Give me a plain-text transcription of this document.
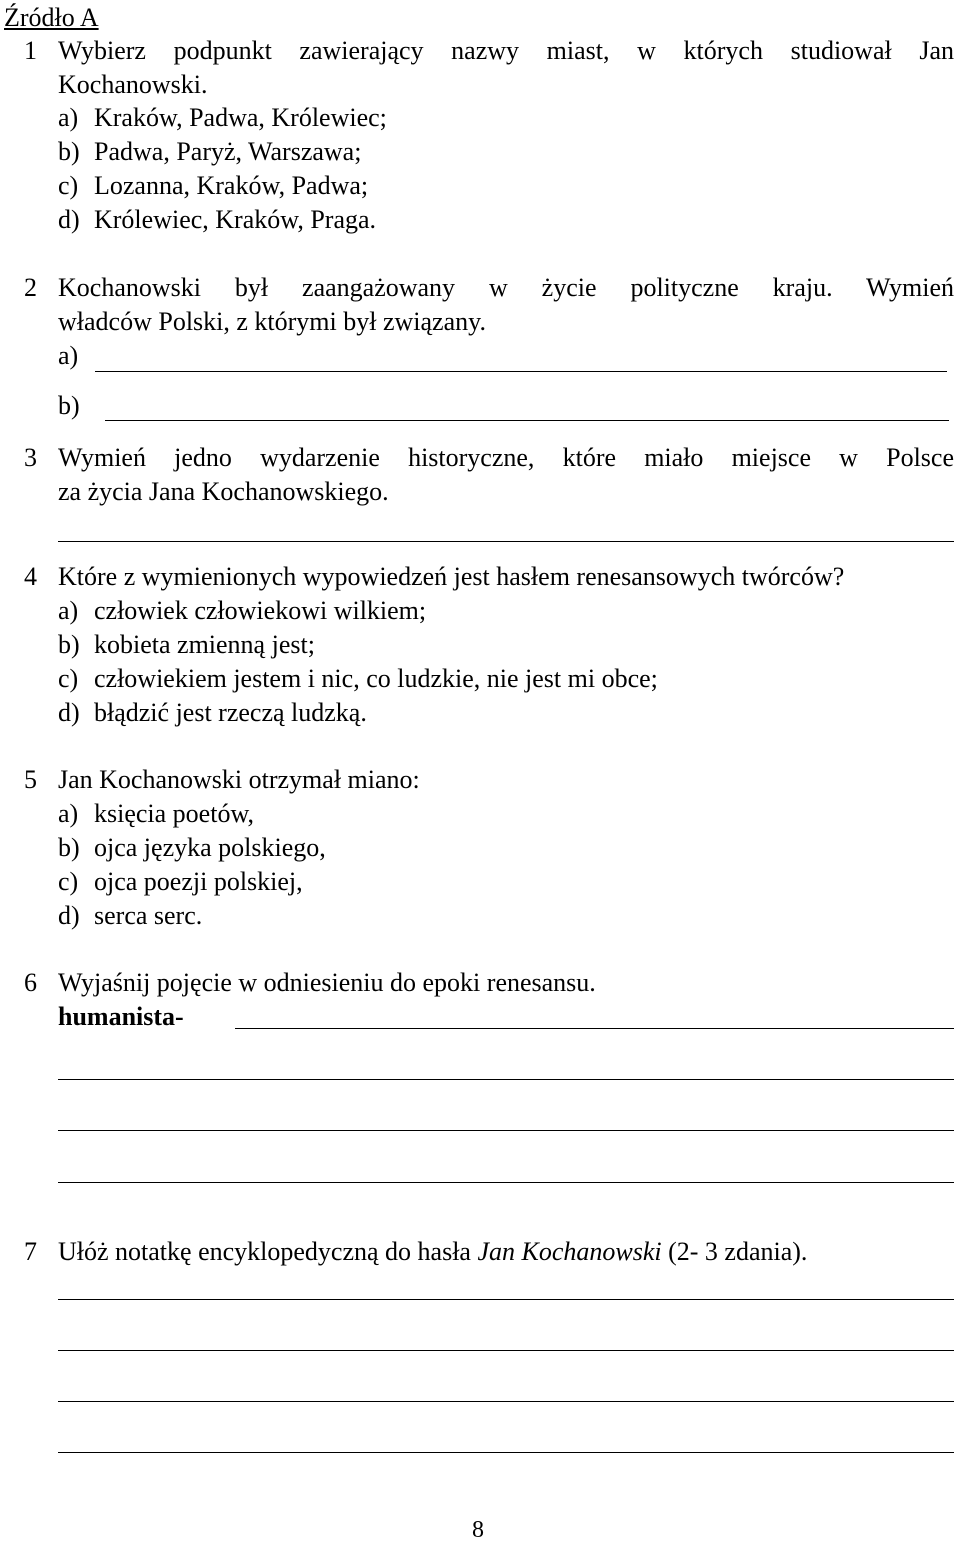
Źródło A
1 Wybierz podpunkt zawierający nazwy miast, w których studiował Jan
Kochanowski.
a) Kraków, Padwa, Królewiec;
b) Padwa, Paryż, Warszawa;
c) Lozanna, Kraków, Padwa;
d) Królewiec, Kraków, Praga.
2 Kochanowski był zaangażowany w życie polityczne kraju. Wymień
władców Polski, z którymi był związany.
a)
b)
3 Wymień jedno wydarzenie historyczne, które miało miejsce w Polsce
za życia Jana Kochanowskiego.
4 Które z wymienionych wypowiedzeń jest hasłem renesansowych twórców?
a) człowiek człowiekowi wilkiem;
b) kobieta zmienną jest;
c) człowiekiem jestem i nic, co ludzkie, nie jest mi obce;
d) błądzić jest rzeczą ludzką.
5 Jan Kochanowski otrzymał miano:
a) księcia poetów,
b) ojca języka polskiego,
c) ojca poezji polskiej,
d) serca serc.
6 Wyjaśnij pojęcie w odniesieniu do epoki renesansu.
humanista-
7 Ułóż notatkę encyklopedyczną do hasła Jan Kochanowski (2- 3 zdania).
8
